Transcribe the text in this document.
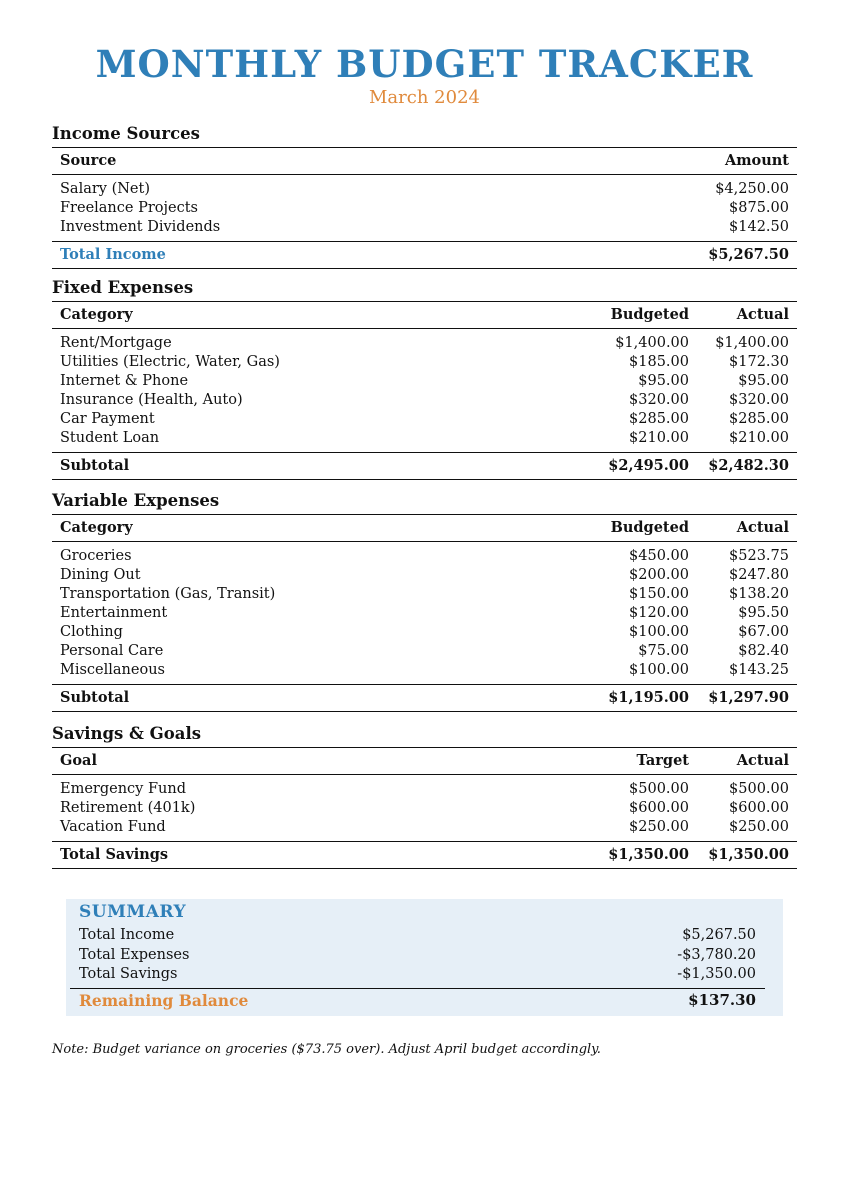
MONTHLY BUDGET TRACKER
March 2024
Income Sources
Source	Amount
Salary (Net)	$4,250.00
Freelance Projects	$875.00
Investment Dividends	$142.50
Total Income	$5,267.50
Fixed Expenses
Category	Budgeted	Actual
Rent/Mortgage	$1,400.00	$1,400.00
Utilities (Electric, Water, Gas)	$185.00	$172.30
Internet & Phone	$95.00	$95.00
Insurance (Health, Auto)	$320.00	$320.00
Car Payment	$285.00	$285.00
Student Loan	$210.00	$210.00
Subtotal	$2,495.00	$2,482.30
Variable Expenses
Category	Budgeted	Actual
Groceries	$450.00	$523.75
Dining Out	$200.00	$247.80
Transportation (Gas, Transit)	$150.00	$138.20
Entertainment	$120.00	$95.50
Clothing	$100.00	$67.00
Personal Care	$75.00	$82.40
Miscellaneous	$100.00	$143.25
Subtotal	$1,195.00	$1,297.90
Savings & Goals
Goal	Target	Actual
Emergency Fund	$500.00	$500.00
Retirement (401k)	$600.00	$600.00
Vacation Fund	$250.00	$250.00
Total Savings	$1,350.00	$1,350.00
SUMMARY
Total Income	$5,267.50
Total Expenses	-$3,780.20
Total Savings	-$1,350.00
Remaining Balance	$137.30
Note: Budget variance on groceries ($73.75 over). Adjust April budget accordingly.
